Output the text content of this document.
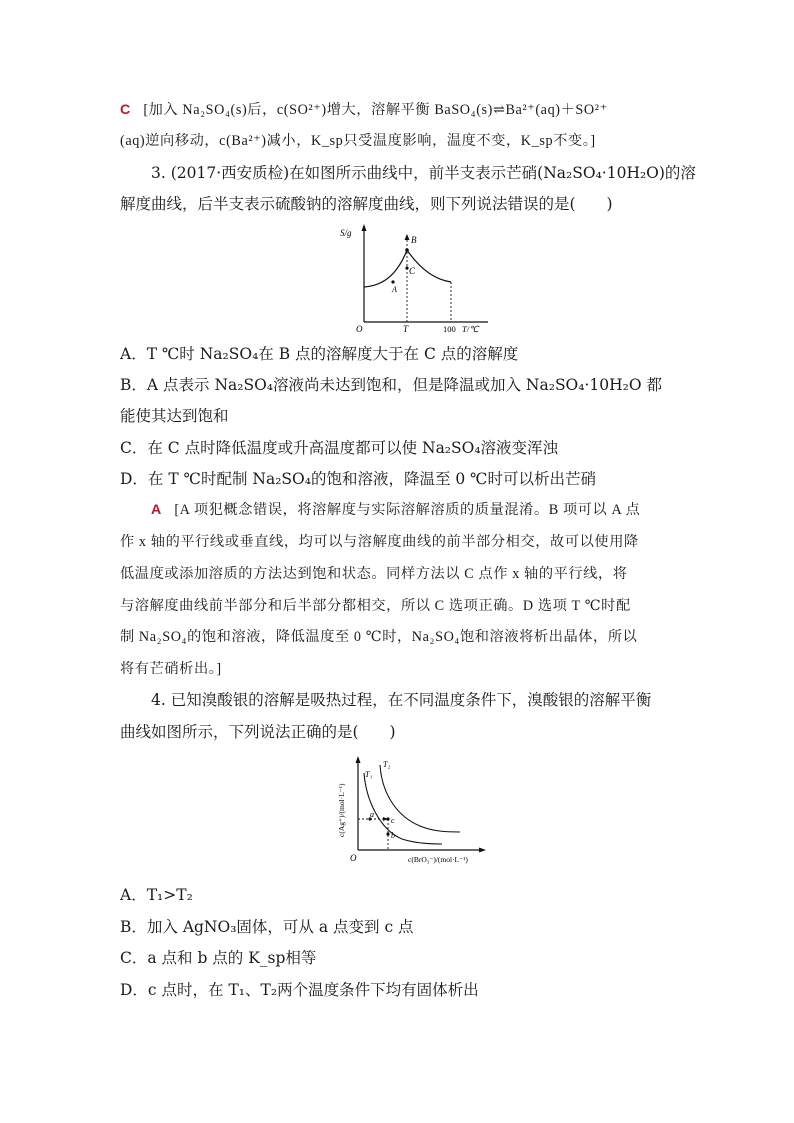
C [加入 Na₂SO₄(s)后，c(SO²⁺)增大，溶解平衡 BaSO₄(s)⇌Ba²⁺(aq)＋SO²⁺
(aq)逆向移动，c(Ba²⁺)减小，K_sp只受温度影响，温度不变，K_sp不变。]
3. (2017·西安质检)在如图所示曲线中，前半支表示芒硝(Na₂SO₄·10H₂O)的溶
解度曲线，后半支表示硫酸钠的溶解度曲线，则下列说法错误的是(　　)
S/g
O	T	100 T/℃
B
C
A
A．T ℃时 Na₂SO₄在 B 点的溶解度大于在 C 点的溶解度
B．A 点表示 Na₂SO₄溶液尚未达到饱和，但是降温或加入 Na₂SO₄·10H₂O 都
能使其达到饱和
C．在 C 点时降低温度或升高温度都可以使 Na₂SO₄溶液变浑浊
D．在 T ℃时配制 Na₂SO₄的饱和溶液，降温至 0 ℃时可以析出芒硝
A [A 项犯概念错误，将溶解度与实际溶解溶质的质量混淆。B 项可以 A 点
作 x 轴的平行线或垂直线，均可以与溶解度曲线的前半部分相交，故可以使用降
低温度或添加溶质的方法达到饱和状态。同样方法以 C 点作 x 轴的平行线，将
与溶解度曲线前半部分和后半部分都相交，所以 C 选项正确。D 选项 T ℃时配
制 Na₂SO₄的饱和溶液，降低温度至 0 ℃时，Na₂SO₄饱和溶液将析出晶体，所以
将有芒硝析出。]
4. 已知溴酸银的溶解是吸热过程，在不同温度条件下，溴酸银的溶解平衡
曲线如图所示，下列说法正确的是(　　)
c(Ag⁺)/(mol·L⁻¹)
c(BrO₃⁻)/(mol·L⁻¹)
O
T₁
T₂
a
c
b
A．T₁>T₂
B．加入 AgNO₃固体，可从 a 点变到 c 点
C．a 点和 b 点的 K_sp相等
D．c 点时，在 T₁、T₂两个温度条件下均有固体析出
